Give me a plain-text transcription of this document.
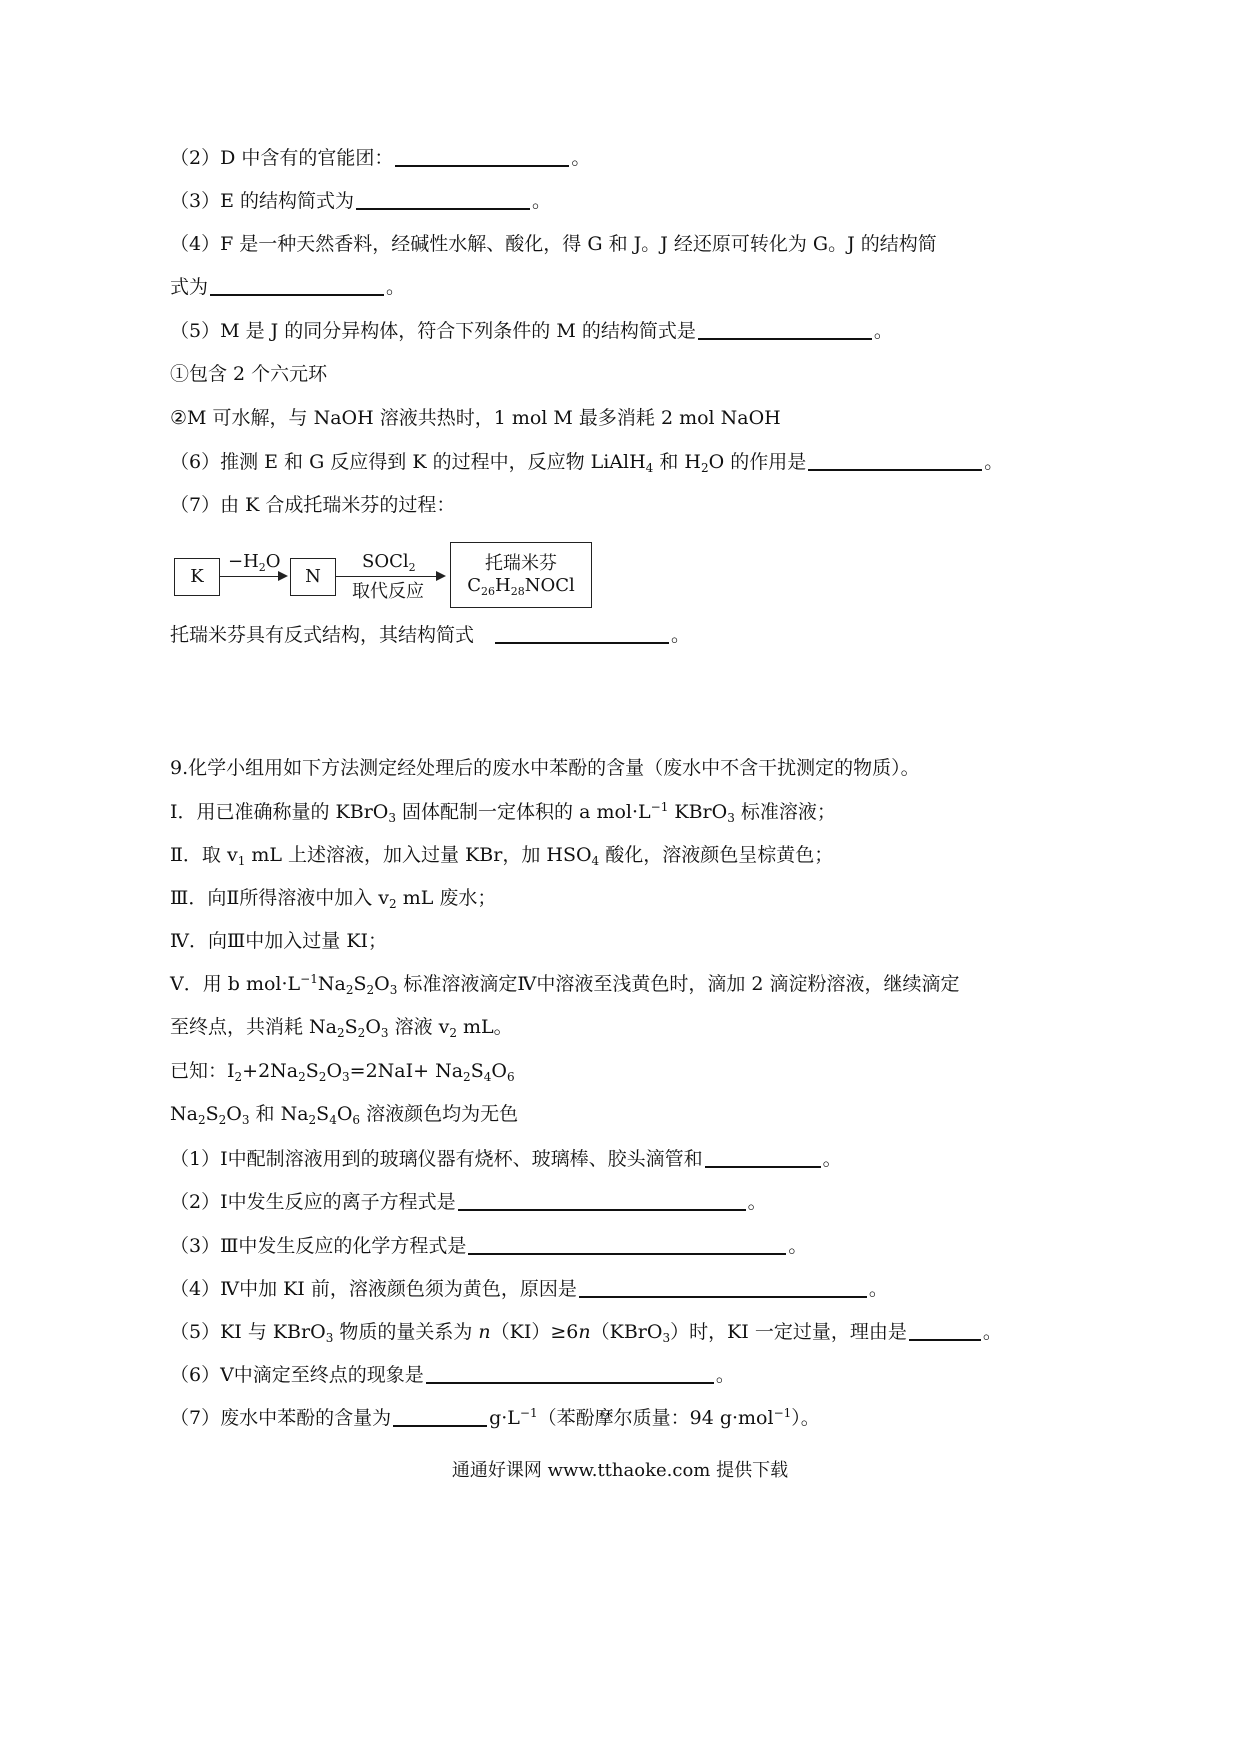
（2）D 中含有的官能团：	。
（3）E 的结构简式为	。
（4）F 是一种天然香料，经碱性水解、酸化，得 G 和 J。J 经还原可转化为 G。J 的结构简
式为	。
（5）M 是 J 的同分异构体，符合下列条件的 M 的结构简式是	。
①包含 2 个六元环
②M 可水解，与 NaOH 溶液共热时，1 mol M 最多消耗 2 mol NaOH
（6）推测 E 和 G 反应得到 K 的过程中，反应物 LiAlH$_4$ 和 $H_2O$ 的作用是	。
（7）由 K 合成托瑞米芬的过程：
托瑞米芬具有反式结构，其结构简式　	。
9.化学小组用如下方法测定经处理后的废水中苯酚的含量（废水中不含干扰测定的物质）。
Ⅰ．用已准确称量的 KBrO$_3$ 固体配制一定体积的 a $mol\cdot L^{-1}$ KBrO$_3$ 标准溶液；
Ⅱ．取 $v_1$ mL 上述溶液，加入过量 KBr，加 $HSO_4$ 酸化，溶液颜色呈棕黄色；
Ⅲ．向Ⅱ所得溶液中加入 $v_2$ mL 废水；
Ⅳ．向Ⅲ中加入过量 KI；
Ⅴ．用 b $mol\cdot L^{-1}Na_2S_2O_3$ 标准溶液滴定Ⅳ中溶液至浅黄色时，滴加 2 滴淀粉溶液，继续滴定
至终点，共消耗 $Na_2S_2O_3$ 溶液 $v_2$ mL。
已知：$I_2+2Na_2S_2O_3=2NaI+ Na_2S_4O_6$
$Na_2S_2O_3$ 和 $Na_2S_4O_6$ 溶液颜色均为无色
（1）Ⅰ中配制溶液用到的玻璃仪器有烧杯、玻璃棒、胶头滴管和	。
（2）Ⅰ中发生反应的离子方程式是	。
（3）Ⅲ中发生反应的化学方程式是	。
（4）Ⅳ中加 KI 前，溶液颜色须为黄色，原因是	。
（5）KI 与 KBrO$_3$ 物质的量关系为 n（KI）≥6n（KBrO$_3$）时，KI 一定过量，理由是	。
（6）Ⅴ中滴定至终点的现象是	。
（7）废水中苯酚的含量为	$g\cdot L^{-1}$（苯酚摩尔质量：94 g·mol$^{-1}$）。
K
$-H_2O$
N
SOCl$_2$
取代反应
托瑞米芬
$C_{26}H_{28}NOCl$
通通好课网 www.tthaoke.com 提供下载
